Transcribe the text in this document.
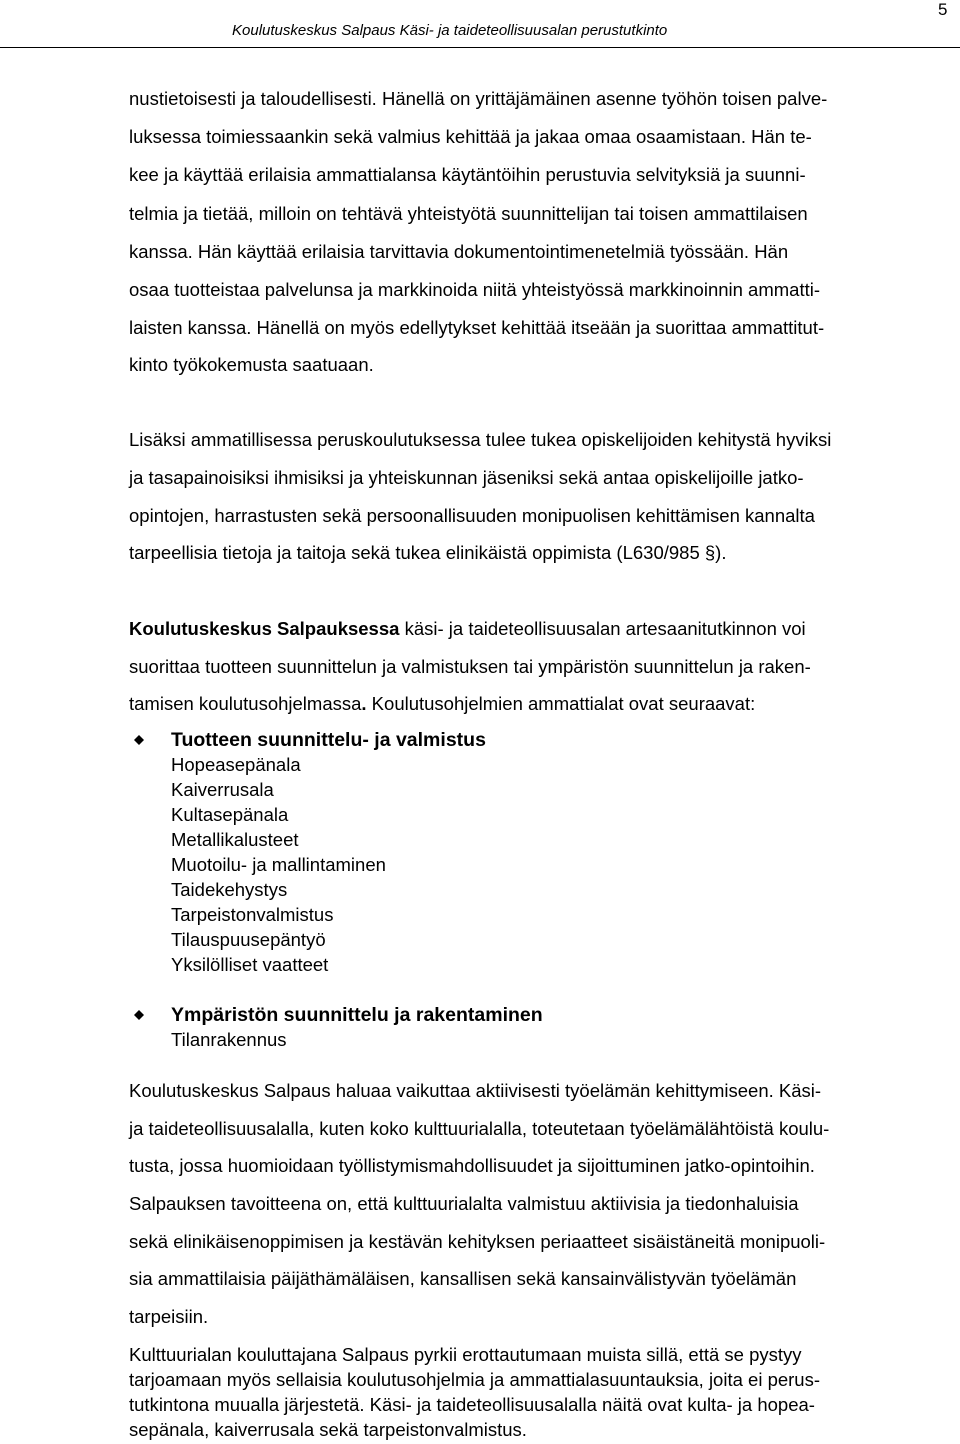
Koulutuskeskus Salpaus Käsi- ja taideteollisuusalan perustutkinto
5
nustietoisesti ja taloudellisesti. Hänellä on yrittäjämäinen asenne työhön toisen palve-
luksessa toimiessaankin sekä valmius kehittää ja jakaa omaa osaamistaan. Hän te-
kee ja käyttää erilaisia ammattialansa käytäntöihin perustuvia selvityksiä ja suunni-
telmia ja tietää, milloin on tehtävä yhteistyötä suunnittelijan tai toisen ammattilaisen
kanssa. Hän käyttää erilaisia tarvittavia dokumentointimenetelmiä työssään. Hän
osaa tuotteistaa palvelunsa ja markkinoida niitä yhteistyössä markkinoinnin ammatti-
laisten kanssa. Hänellä on myös edellytykset kehittää itseään ja suorittaa ammattitut-
kinto työkokemusta saatuaan.
Lisäksi ammatillisessa peruskoulutuksessa tulee tukea opiskelijoiden kehitystä hyviksi
ja tasapainoisiksi ihmisiksi ja yhteiskunnan jäseniksi sekä antaa opiskelijoille jatko-
opintojen, harrastusten sekä persoonallisuuden monipuolisen kehittämisen kannalta
tarpeellisia tietoja ja taitoja sekä tukea elinikäistä oppimista (L630/985 §).
Koulutuskeskus Salpauksessa käsi- ja taideteollisuusalan artesaanitutkinnon voi
suorittaa tuotteen suunnittelun ja valmistuksen tai ympäristön suunnittelun ja raken-
tamisen koulutusohjelmassa. Koulutusohjelmien ammattialat ovat seuraavat:
Tuotteen suunnittelu- ja valmistus
Hopeasepänala
Kaiverrusala
Kultasepänala
Metallikalusteet
Muotoilu- ja mallintaminen
Taidekehystys
Tarpeistonvalmistus
Tilauspuusepäntyö
Yksilölliset vaatteet
Ympäristön suunnittelu ja rakentaminen
Tilanrakennus
Koulutuskeskus Salpaus haluaa vaikuttaa aktiivisesti työelämän kehittymiseen. Käsi-
ja taideteollisuusalalla, kuten koko kulttuurialalla, toteutetaan työelämälähtöistä koulu-
tusta, jossa huomioidaan työllistymismahdollisuudet ja sijoittuminen jatko-opintoihin.
Salpauksen tavoitteena on, että kulttuurialalta valmistuu aktiivisia ja tiedonhaluisia
sekä elinikäisenoppimisen ja kestävän kehityksen periaatteet sisäistäneitä monipuoli-
sia ammattilaisia päijäthämäläisen, kansallisen sekä kansainvälistyvän työelämän
tarpeisiin.
Kulttuurialan kouluttajana Salpaus pyrkii erottautumaan muista sillä, että se pystyy
tarjoamaan myös sellaisia koulutusohjelmia ja ammattialasuuntauksia, joita ei perus-
tutkintona muualla järjestetä. Käsi- ja taideteollisuusalalla näitä ovat kulta- ja hopea-
sepänala, kaiverrusala sekä tarpeistonvalmistus.
